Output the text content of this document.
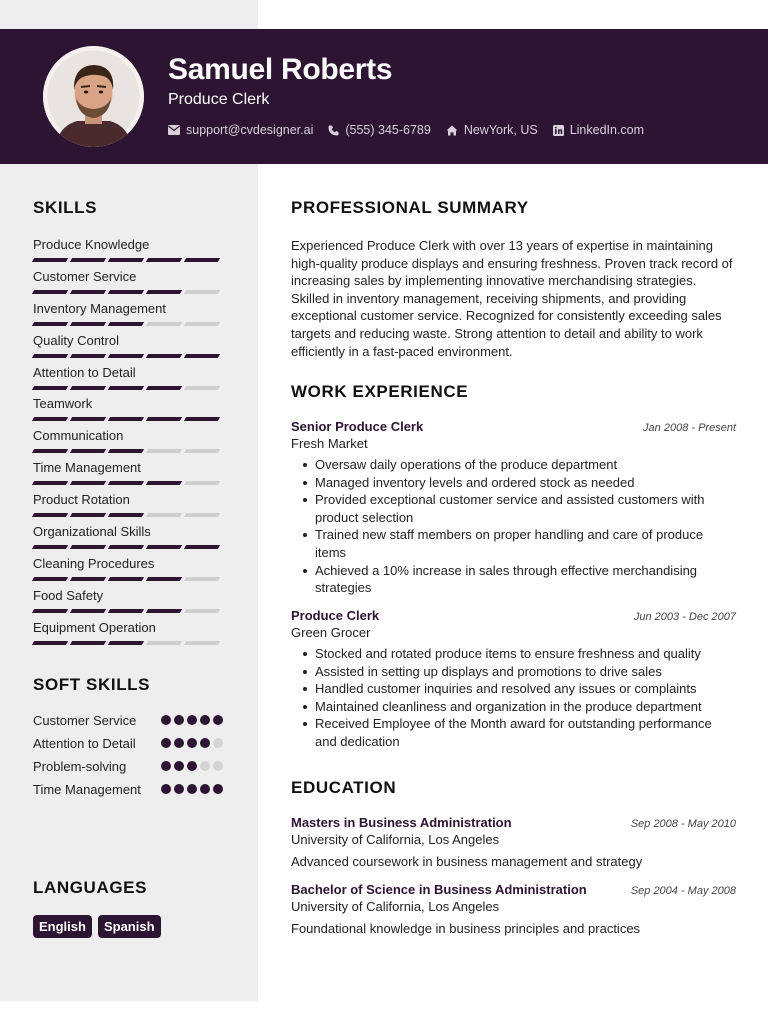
Samuel Roberts
Produce Clerk
support@cvdesigner.ai	(555) 345-6789	NewYork, US	LinkedIn.com
SKILLS
Produce Knowledge
Customer Service
Inventory Management
Quality Control
Attention to Detail
Teamwork
Communication
Time Management
Product Rotation
Organizational Skills
Cleaning Procedures
Food Safety
Equipment Operation
SOFT SKILLS
Customer Service
Attention to Detail
Problem-solving
Time Management
LANGUAGES
English	Spanish
PROFESSIONAL SUMMARY
Experienced Produce Clerk with over 13 years of expertise in maintaining high-quality produce displays and ensuring freshness. Proven track record of increasing sales by implementing innovative merchandising strategies. Skilled in inventory management, receiving shipments, and providing exceptional customer service. Recognized for consistently exceeding sales targets and reducing waste. Strong attention to detail and ability to work efficiently in a fast-paced environment.
WORK EXPERIENCE
Senior Produce Clerk	Jan 2008 - Present
Fresh Market
Oversaw daily operations of the produce department
Managed inventory levels and ordered stock as needed
Provided exceptional customer service and assisted customers with product selection
Trained new staff members on proper handling and care of produce items
Achieved a 10% increase in sales through effective merchandising strategies
Produce Clerk	Jun 2003 - Dec 2007
Green Grocer
Stocked and rotated produce items to ensure freshness and quality
Assisted in setting up displays and promotions to drive sales
Handled customer inquiries and resolved any issues or complaints
Maintained cleanliness and organization in the produce department
Received Employee of the Month award for outstanding performance and dedication
EDUCATION
Masters in Business Administration	Sep 2008 - May 2010
University of California, Los Angeles
Advanced coursework in business management and strategy
Bachelor of Science in Business Administration	Sep 2004 - May 2008
University of California, Los Angeles
Foundational knowledge in business principles and practices
